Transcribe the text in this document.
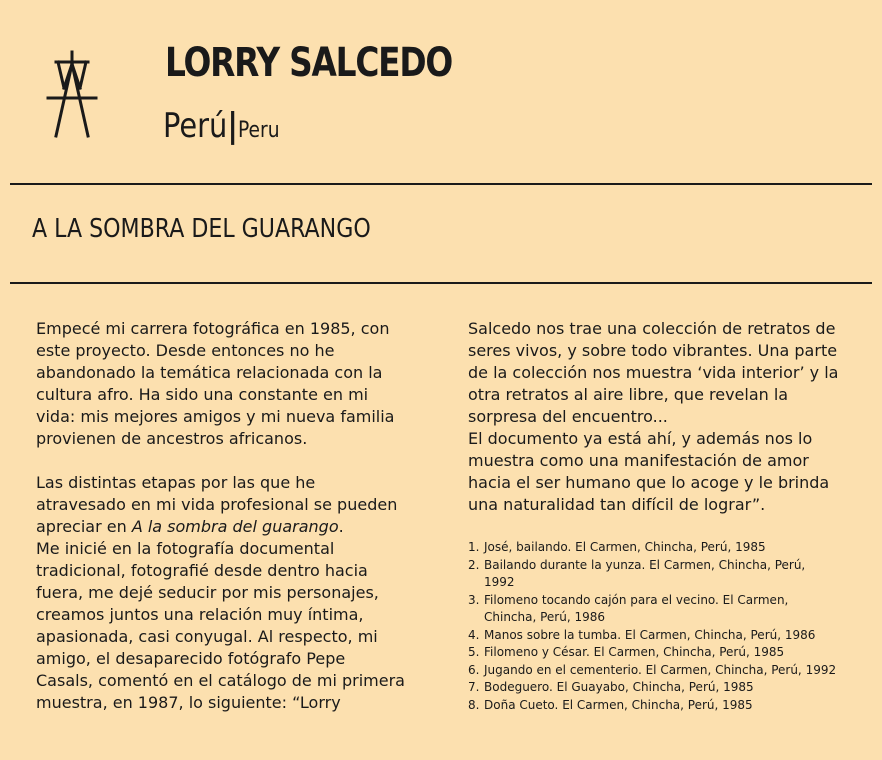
LORRY SALCEDO
Perú|Peru
A LA SOMBRA DEL GUARANGO

Empecé mi carrera fotográfica en 1985, con este proyecto. Desde entonces no he abandonado la temática relacionada con la cultura afro. Ha sido una constante en mi vida: mis mejores amigos y mi nueva familia provienen de ancestros africanos.

Las distintas etapas por las que he atravesado en mi vida profesional se pueden apreciar en A la sombra del guarango.

Me inicié en la fotografía documental tradicional, fotografié desde dentro hacia fuera, me dejé seducir por mis personajes, creamos juntos una relación muy íntima, apasionada, casi conyugal. Al respecto, mi amigo, el desaparecido fotógrafo Pepe Casals, comentó en el catálogo de mi primera muestra, en 1987, lo siguiente: “Lorry

Salcedo nos trae una colección de retratos de seres vivos, y sobre todo vibrantes. Una parte de la colección nos muestra ‘vida interior’ y la otra retratos al aire libre, que revelan la sorpresa del encuentro...

El documento ya está ahí, y además nos lo muestra como una manifestación de amor hacia el ser humano que lo acoge y le brinda una naturalidad tan difícil de lograr”.

1. José, bailando. El Carmen, Chincha, Perú, 1985
2. Bailando durante la yunza. El Carmen, Chincha, Perú, 1992
3. Filomeno tocando cajón para el vecino. El Carmen, Chincha, Perú, 1986
4. Manos sobre la tumba. El Carmen, Chincha, Perú, 1986
5. Filomeno y César. El Carmen, Chincha, Perú, 1985
6. Jugando en el cementerio. El Carmen, Chincha, Perú, 1992
7. Bodeguero. El Guayabo, Chincha, Perú, 1985
8. Doña Cueto. El Carmen, Chincha, Perú, 1985
